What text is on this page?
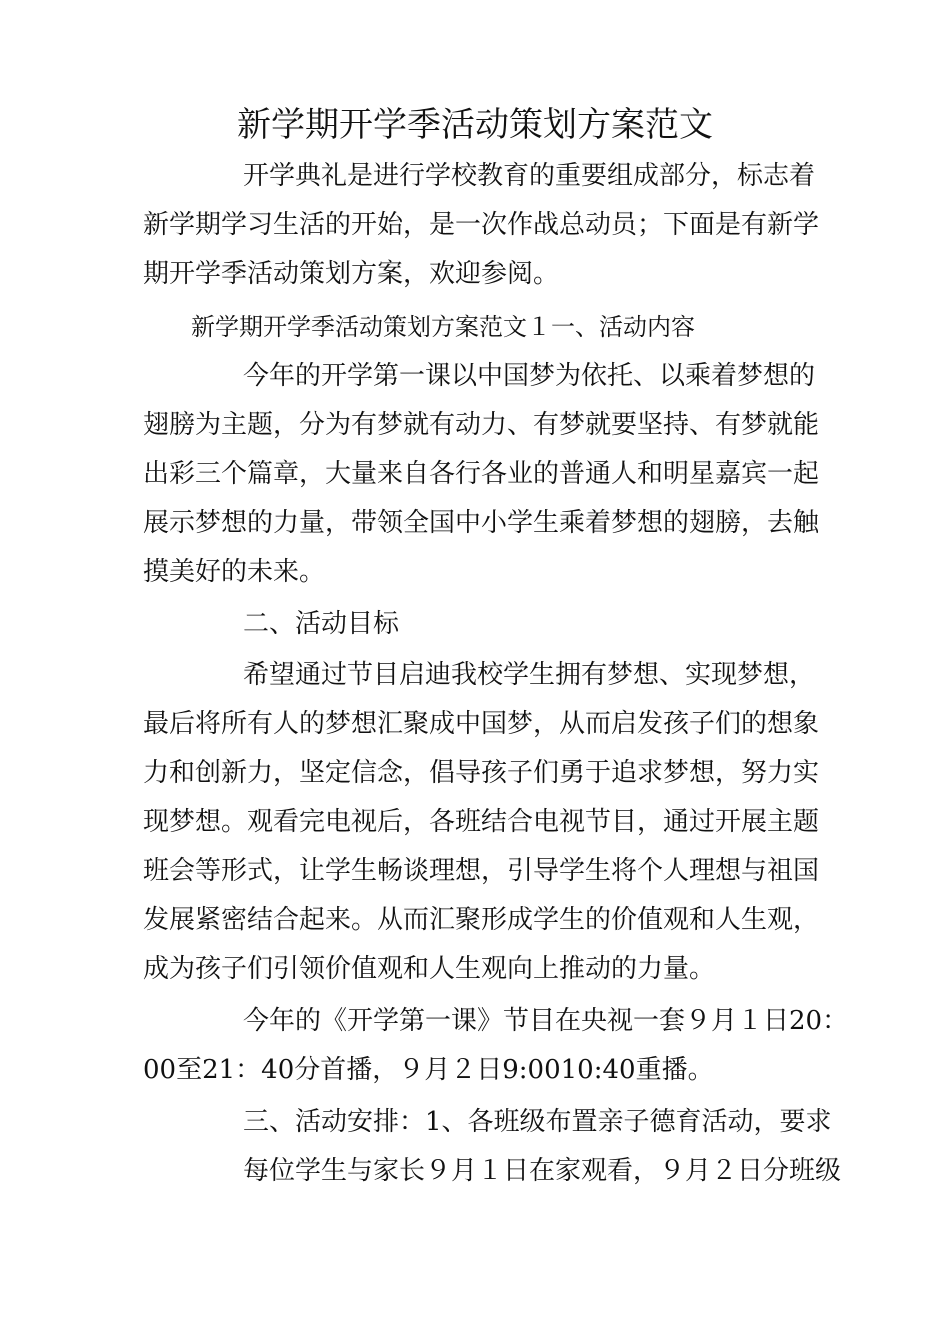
新学期开学季活动策划方案范文
开学典礼是进行学校教育的重要组成部分，标志着
新学期学习生活的开始，是一次作战总动员；下面是有新学
期开学季活动策划方案，欢迎参阅。
新学期开学季活动策划方案范文１一、活动内容
今年的开学第一课以中国梦为依托、以乘着梦想的
翅膀为主题，分为有梦就有动力、有梦就要坚持、有梦就能
出彩三个篇章，大量来自各行各业的普通人和明星嘉宾一起
展示梦想的力量，带领全国中小学生乘着梦想的翅膀，去触
摸美好的未来。
二、活动目标
希望通过节目启迪我校学生拥有梦想、实现梦想，
最后将所有人的梦想汇聚成中国梦，从而启发孩子们的想象
力和创新力，坚定信念，倡导孩子们勇于追求梦想，努力实
现梦想。观看完电视后，各班结合电视节目，通过开展主题
班会等形式，让学生畅谈理想，引导学生将个人理想与祖国
发展紧密结合起来。从而汇聚形成学生的价值观和人生观，
成为孩子们引领价值观和人生观向上推动的力量。
今年的《开学第一课》节目在央视一套９月１日20：
00至21：40分首播，９月２日9:0010:40重播。
三、活动安排：1、各班级布置亲子德育活动，要求
每位学生与家长９月１日在家观看，９月２日分班级
